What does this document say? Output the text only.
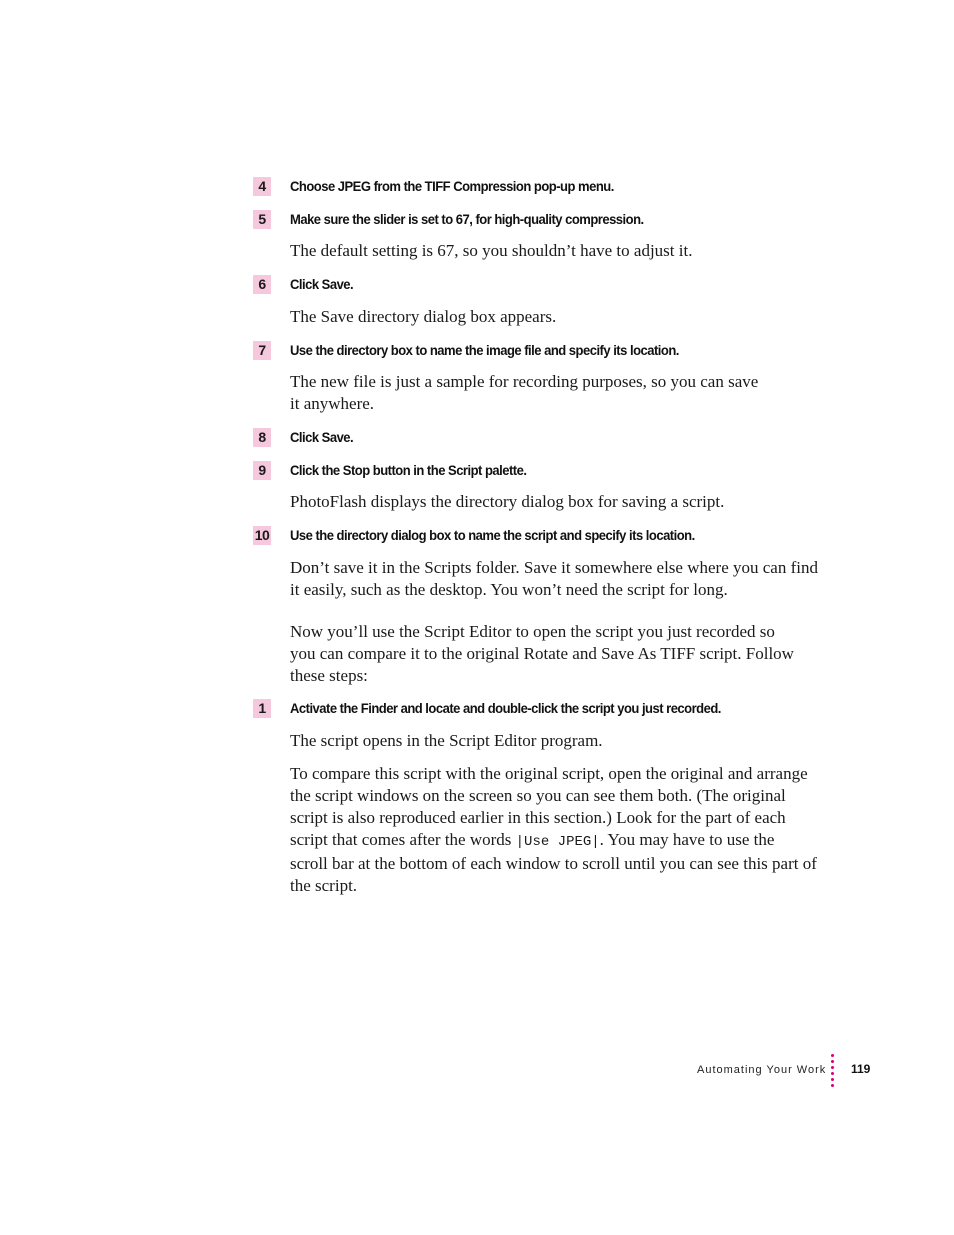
4	Choose JPEG from the TIFF Compression pop-up menu.
5	Make sure the slider is set to 67, for high-quality compression.

The default setting is 67, so you shouldn’t have to adjust it.

6	Click Save.

The Save directory dialog box appears.

7	Use the directory box to name the image file and specify its location.

The new file is just a sample for recording purposes, so you can save
it anywhere.

8	Click Save.
9	Click the Stop button in the Script palette.

PhotoFlash displays the directory dialog box for saving a script.

10 Use the directory dialog box to name the script and specify its location.

Don’t save it in the Scripts folder. Save it somewhere else where you can find
it easily, such as the desktop. You won’t need the script for long.

Now you’ll use the Script Editor to open the script you just recorded so
you can compare it to the original Rotate and Save As TIFF script. Follow
these steps:

1	Activate the Finder and locate and double-click the script you just recorded.

The script opens in the Script Editor program.

To compare this script with the original script, open the original and arrange
the script windows on the screen so you can see them both. (The original
script is also reproduced earlier in this section.) Look for the part of each
script that comes after the words |Use JPEG|. You may have to use the
scroll bar at the bottom of each window to scroll until you can see this part of
the script.

Automating Your Work 119
